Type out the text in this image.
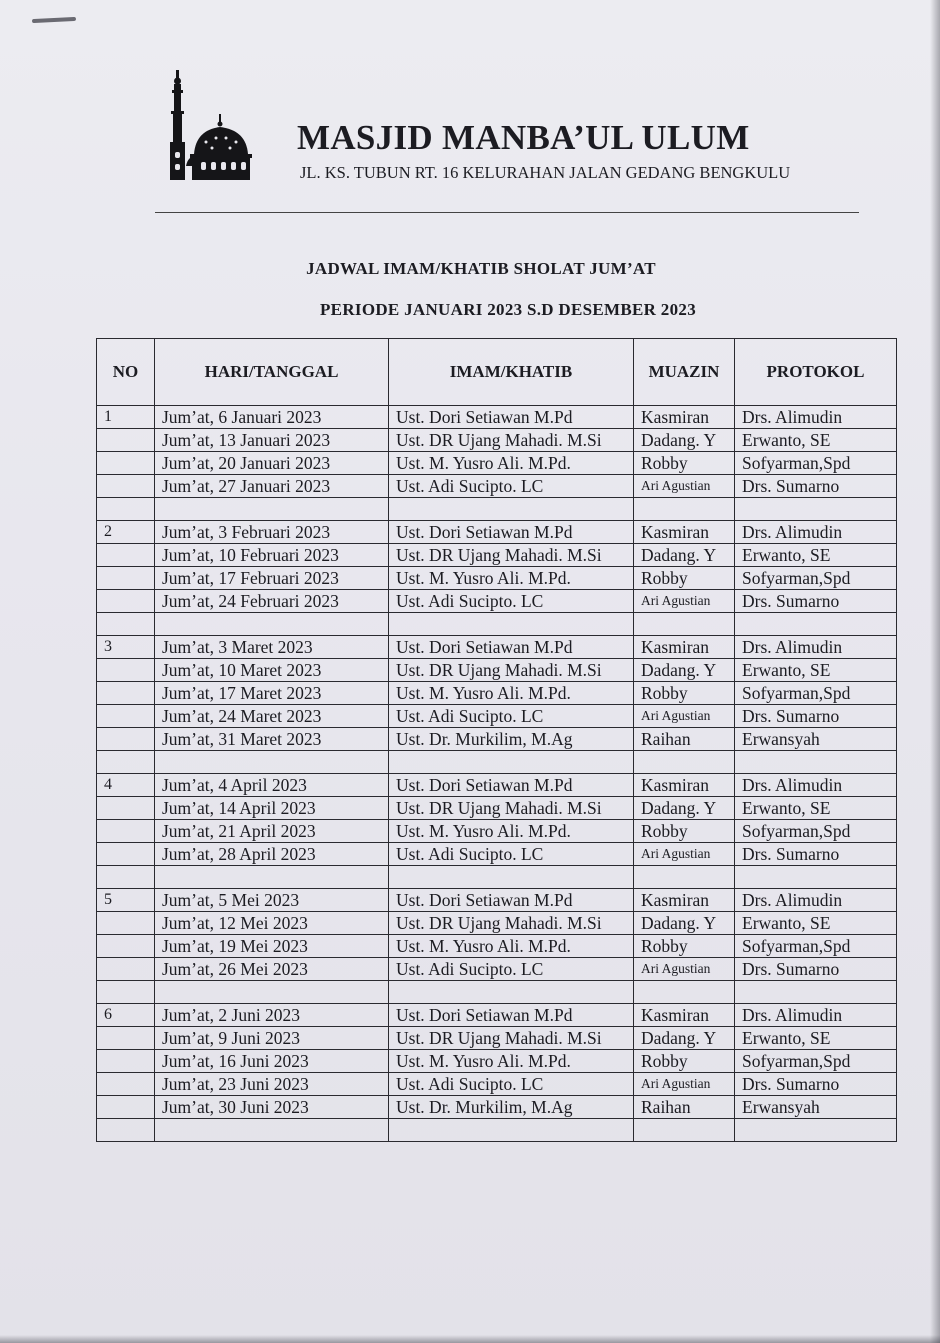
MASJID MANBA’UL ULUM
JL. KS. TUBUN RT. 16 KELURAHAN JALAN GEDANG BENGKULU
JADWAL IMAM/KHATIB SHOLAT JUM’AT
PERIODE JANUARI 2023 S.D DESEMBER 2023
NO	HARI/TANGGAL	IMAM/KHATIB	MUAZIN	PROTOKOL
1	Jum’at, 6 Januari 2023	Ust. Dori Setiawan M.Pd	Kasmiran	Drs. Alimudin
	Jum’at, 13 Januari 2023	Ust. DR Ujang Mahadi. M.Si	Dadang. Y	Erwanto, SE
	Jum’at, 20 Januari 2023	Ust. M. Yusro Ali. M.Pd.	Robby	Sofyarman,Spd
	Jum’at, 27 Januari 2023	Ust. Adi Sucipto. LC	Ari Agustian	Drs. Sumarno

2	Jum’at, 3 Februari 2023	Ust. Dori Setiawan M.Pd	Kasmiran	Drs. Alimudin
	Jum’at, 10 Februari 2023	Ust. DR Ujang Mahadi. M.Si	Dadang. Y	Erwanto, SE
	Jum’at, 17 Februari 2023	Ust. M. Yusro Ali. M.Pd.	Robby	Sofyarman,Spd
	Jum’at, 24 Februari 2023	Ust. Adi Sucipto. LC	Ari Agustian	Drs. Sumarno

3	Jum’at, 3 Maret 2023	Ust. Dori Setiawan M.Pd	Kasmiran	Drs. Alimudin
	Jum’at, 10 Maret 2023	Ust. DR Ujang Mahadi. M.Si	Dadang. Y	Erwanto, SE
	Jum’at, 17 Maret 2023	Ust. M. Yusro Ali. M.Pd.	Robby	Sofyarman,Spd
	Jum’at, 24 Maret 2023	Ust. Adi Sucipto. LC	Ari Agustian	Drs. Sumarno
	Jum’at, 31 Maret 2023	Ust. Dr. Murkilim, M.Ag	Raihan	Erwansyah

4	Jum’at, 4 April 2023	Ust. Dori Setiawan M.Pd	Kasmiran	Drs. Alimudin
	Jum’at, 14 April 2023	Ust. DR Ujang Mahadi. M.Si	Dadang. Y	Erwanto, SE
	Jum’at, 21 April 2023	Ust. M. Yusro Ali. M.Pd.	Robby	Sofyarman,Spd
	Jum’at, 28 April 2023	Ust. Adi Sucipto. LC	Ari Agustian	Drs. Sumarno

5	Jum’at, 5 Mei 2023	Ust. Dori Setiawan M.Pd	Kasmiran	Drs. Alimudin
	Jum’at, 12 Mei 2023	Ust. DR Ujang Mahadi. M.Si	Dadang. Y	Erwanto, SE
	Jum’at, 19 Mei 2023	Ust. M. Yusro Ali. M.Pd.	Robby	Sofyarman,Spd
	Jum’at, 26 Mei 2023	Ust. Adi Sucipto. LC	Ari Agustian	Drs. Sumarno

6	Jum’at, 2 Juni 2023	Ust. Dori Setiawan M.Pd	Kasmiran	Drs. Alimudin
	Jum’at, 9 Juni 2023	Ust. DR Ujang Mahadi. M.Si	Dadang. Y	Erwanto, SE
	Jum’at, 16 Juni 2023	Ust. M. Yusro Ali. M.Pd.	Robby	Sofyarman,Spd
	Jum’at, 23 Juni 2023	Ust. Adi Sucipto. LC	Ari Agustian	Drs. Sumarno
	Jum’at, 30 Juni 2023	Ust. Dr. Murkilim, M.Ag	Raihan	Erwansyah
